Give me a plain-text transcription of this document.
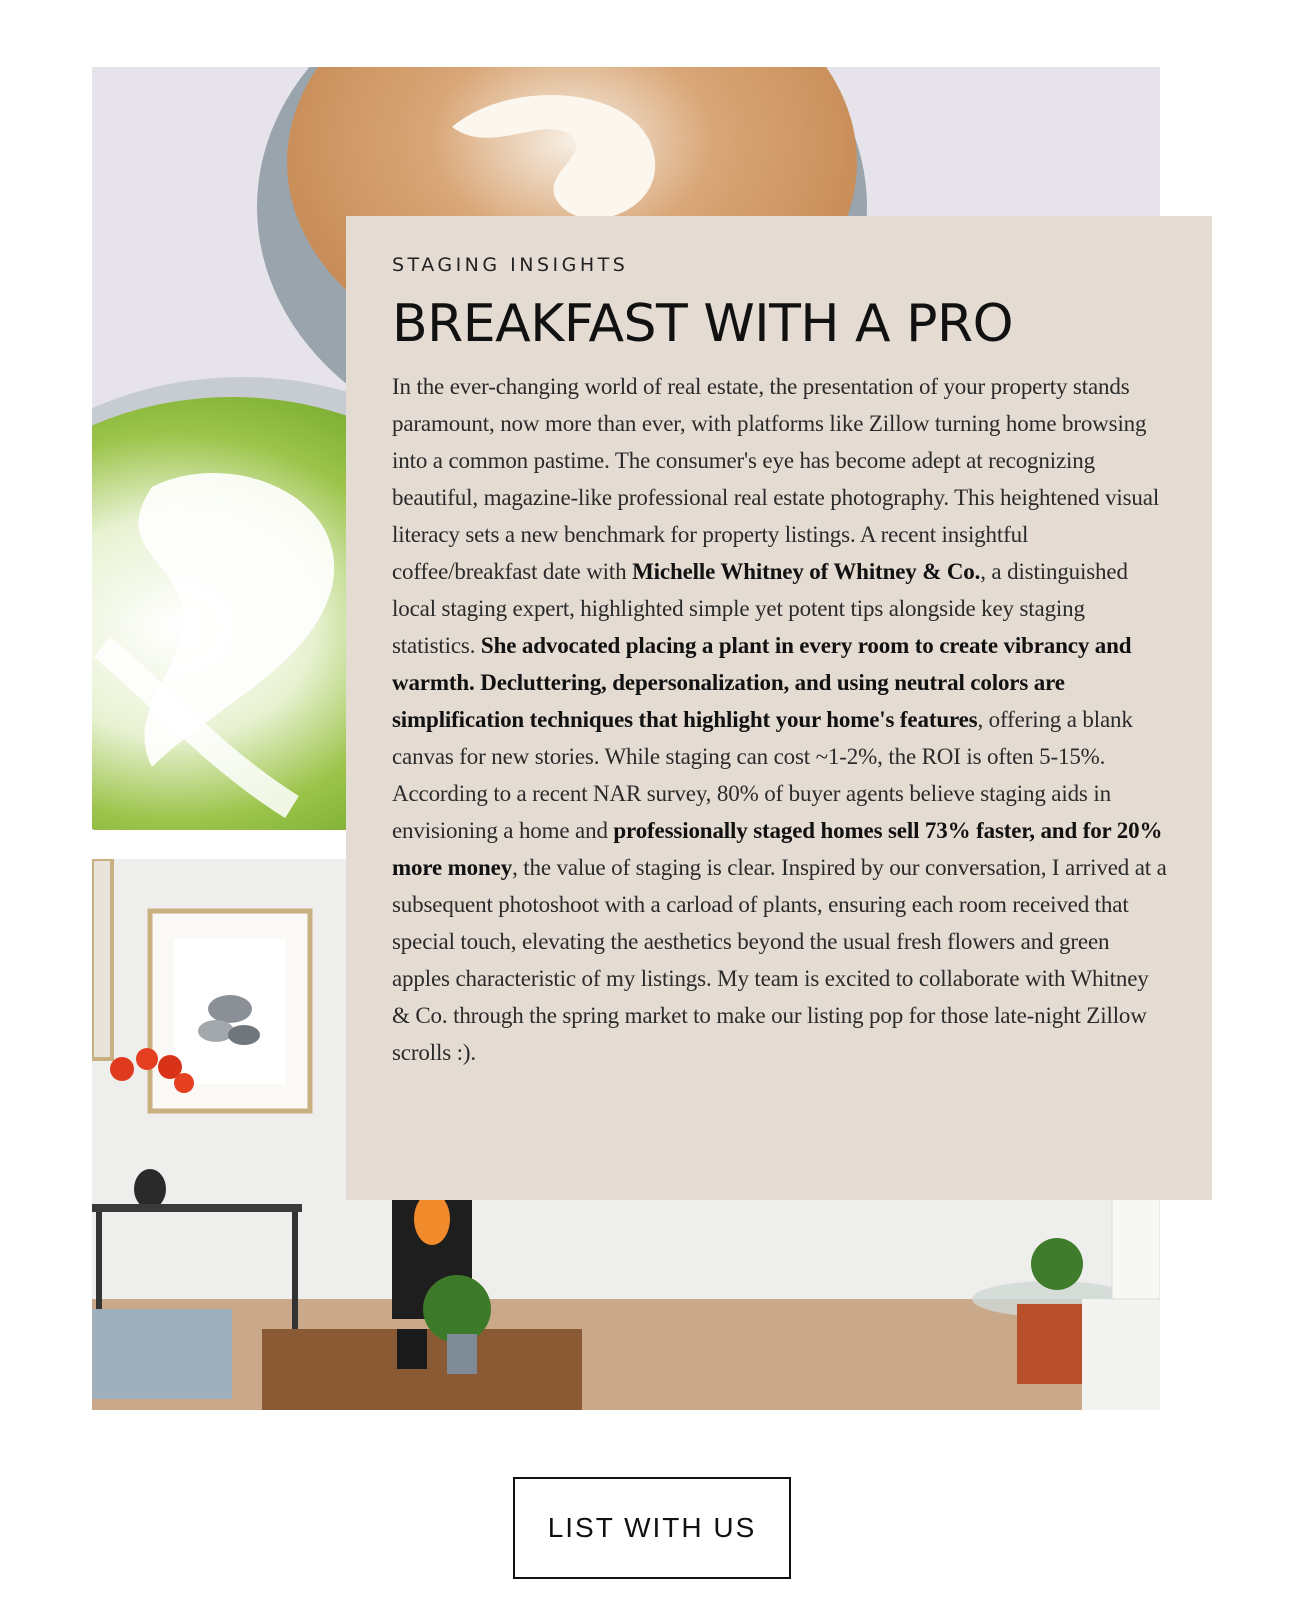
STAGING INSIGHTS
BREAKFAST WITH A PRO

In the ever-changing world of real estate, the presentation of your property stands paramount, now more than ever, with platforms like Zillow turning home browsing into a common pastime. The consumer's eye has become adept at recognizing beautiful, magazine-like professional real estate photography. This heightened visual literacy sets a new benchmark for property listings. A recent insightful coffee/breakfast date with Michelle Whitney of Whitney & Co., a distinguished local staging expert, highlighted simple yet potent tips alongside key staging statistics. She advocated placing a plant in every room to create vibrancy and warmth. Decluttering, depersonalization, and using neutral colors are simplification techniques that highlight your home's features, offering a blank canvas for new stories. While staging can cost ~1-2%, the ROI is often 5-15%. According to a recent NAR survey, 80% of buyer agents believe staging aids in envisioning a home and professionally staged homes sell 73% faster, and for 20% more money, the value of staging is clear. Inspired by our conversation, I arrived at a subsequent photoshoot with a carload of plants, ensuring each room received that special touch, elevating the aesthetics beyond the usual fresh flowers and green apples characteristic of my listings. My team is excited to collaborate with Whitney & Co. through the spring market to make our listing pop for those late-night Zillow scrolls :).

LIST WITH US
